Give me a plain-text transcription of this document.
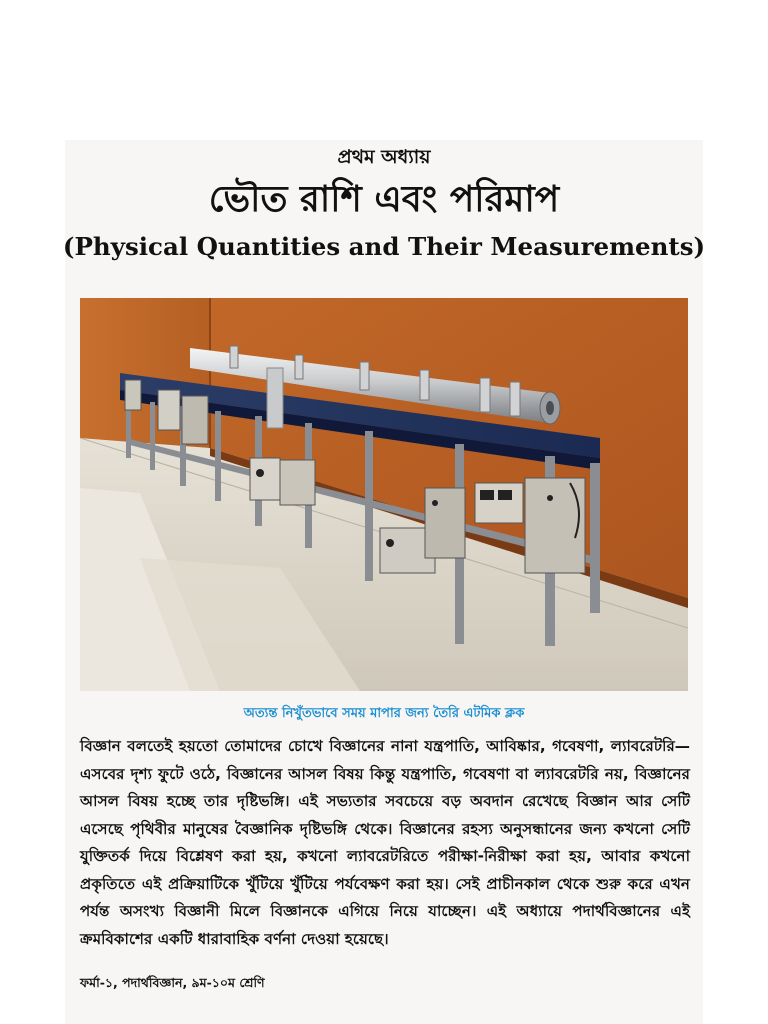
প্রথম অধ্যায়
ভৌত রাশি এবং পরিমাপ
(Physical Quantities and Their Measurements)
অত্যন্ত নিখুঁতভাবে সময় মাপার জন্য তৈরি এটমিক ক্লক
বিজ্ঞান বলতেই হয়তো তোমাদের চোখে বিজ্ঞানের নানা যন্ত্রপাতি, আবিষ্কার, গবেষণা, ল্যাবরেটরি— এসবের দৃশ্য ফুটে ওঠে, বিজ্ঞানের আসল বিষয় কিন্তু যন্ত্রপাতি, গবেষণা বা ল্যাবরেটরি নয়, বিজ্ঞানের আসল বিষয় হচ্ছে তার দৃষ্টিভঙ্গি। এই সভ্যতার সবচেয়ে বড় অবদান রেখেছে বিজ্ঞান আর সেটি এসেছে পৃথিবীর মানুষের বৈজ্ঞানিক দৃষ্টিভঙ্গি থেকে। বিজ্ঞানের রহস্য অনুসন্ধানের জন্য কখনো সেটি যুক্তিতর্ক দিয়ে বিশ্লেষণ করা হয়, কখনো ল্যাবরেটরিতে পরীক্ষা-নিরীক্ষা করা হয়, আবার কখনো প্রকৃতিতে এই প্রক্রিয়াটিকে খুঁটিয়ে খুঁটিয়ে পর্যবেক্ষণ করা হয়। সেই প্রাচীনকাল থেকে শুরু করে এখন পর্যন্ত অসংখ্য বিজ্ঞানী মিলে বিজ্ঞানকে এগিয়ে নিয়ে যাচ্ছেন। এই অধ্যায়ে পদার্থবিজ্ঞানের এই ক্রমবিকাশের একটি ধারাবাহিক বর্ণনা দেওয়া হয়েছে।
ফর্মা-১, পদার্থবিজ্ঞান, ৯ম-১০ম শ্রেণি
